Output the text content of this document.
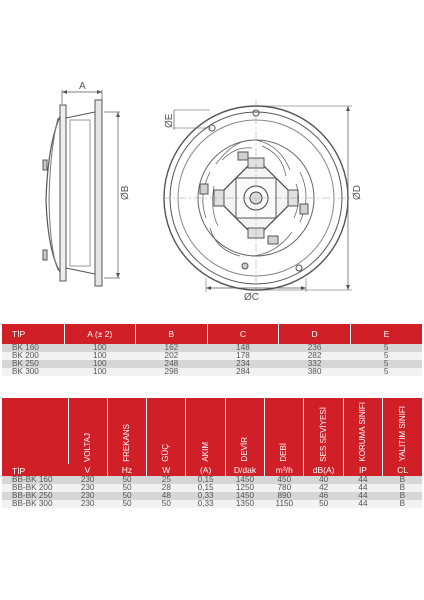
A
ØB
ØC
ØD
ØE
TİP	A (± 2)	B	C	D	E
BK 160	100	162	148	236	5
BK 200	100	202	178	282	5
BK 250	100	248	234	332	5
BK 300	100	298	284	380	5
TİP	VOLTAJ	FREKANS	GÜÇ	AKIM	DEVİR	DEBİ	SES SEVİYESİ	KORUMA SINIFI	YALITIM SINIFI
	V	Hz	W	(A)	D/dak	m³/h	dB(A)	IP	CL
BB-BK 160	230	50	25	0,15	1450	450	40	44	B
BB-BK 200	230	50	28	0,15	1250	780	42	44	B
BB-BK 250	230	50	48	0,33	1450	890	46	44	B
BB-BK 300	230	50	50	0,33	1350	1150	50	44	B
